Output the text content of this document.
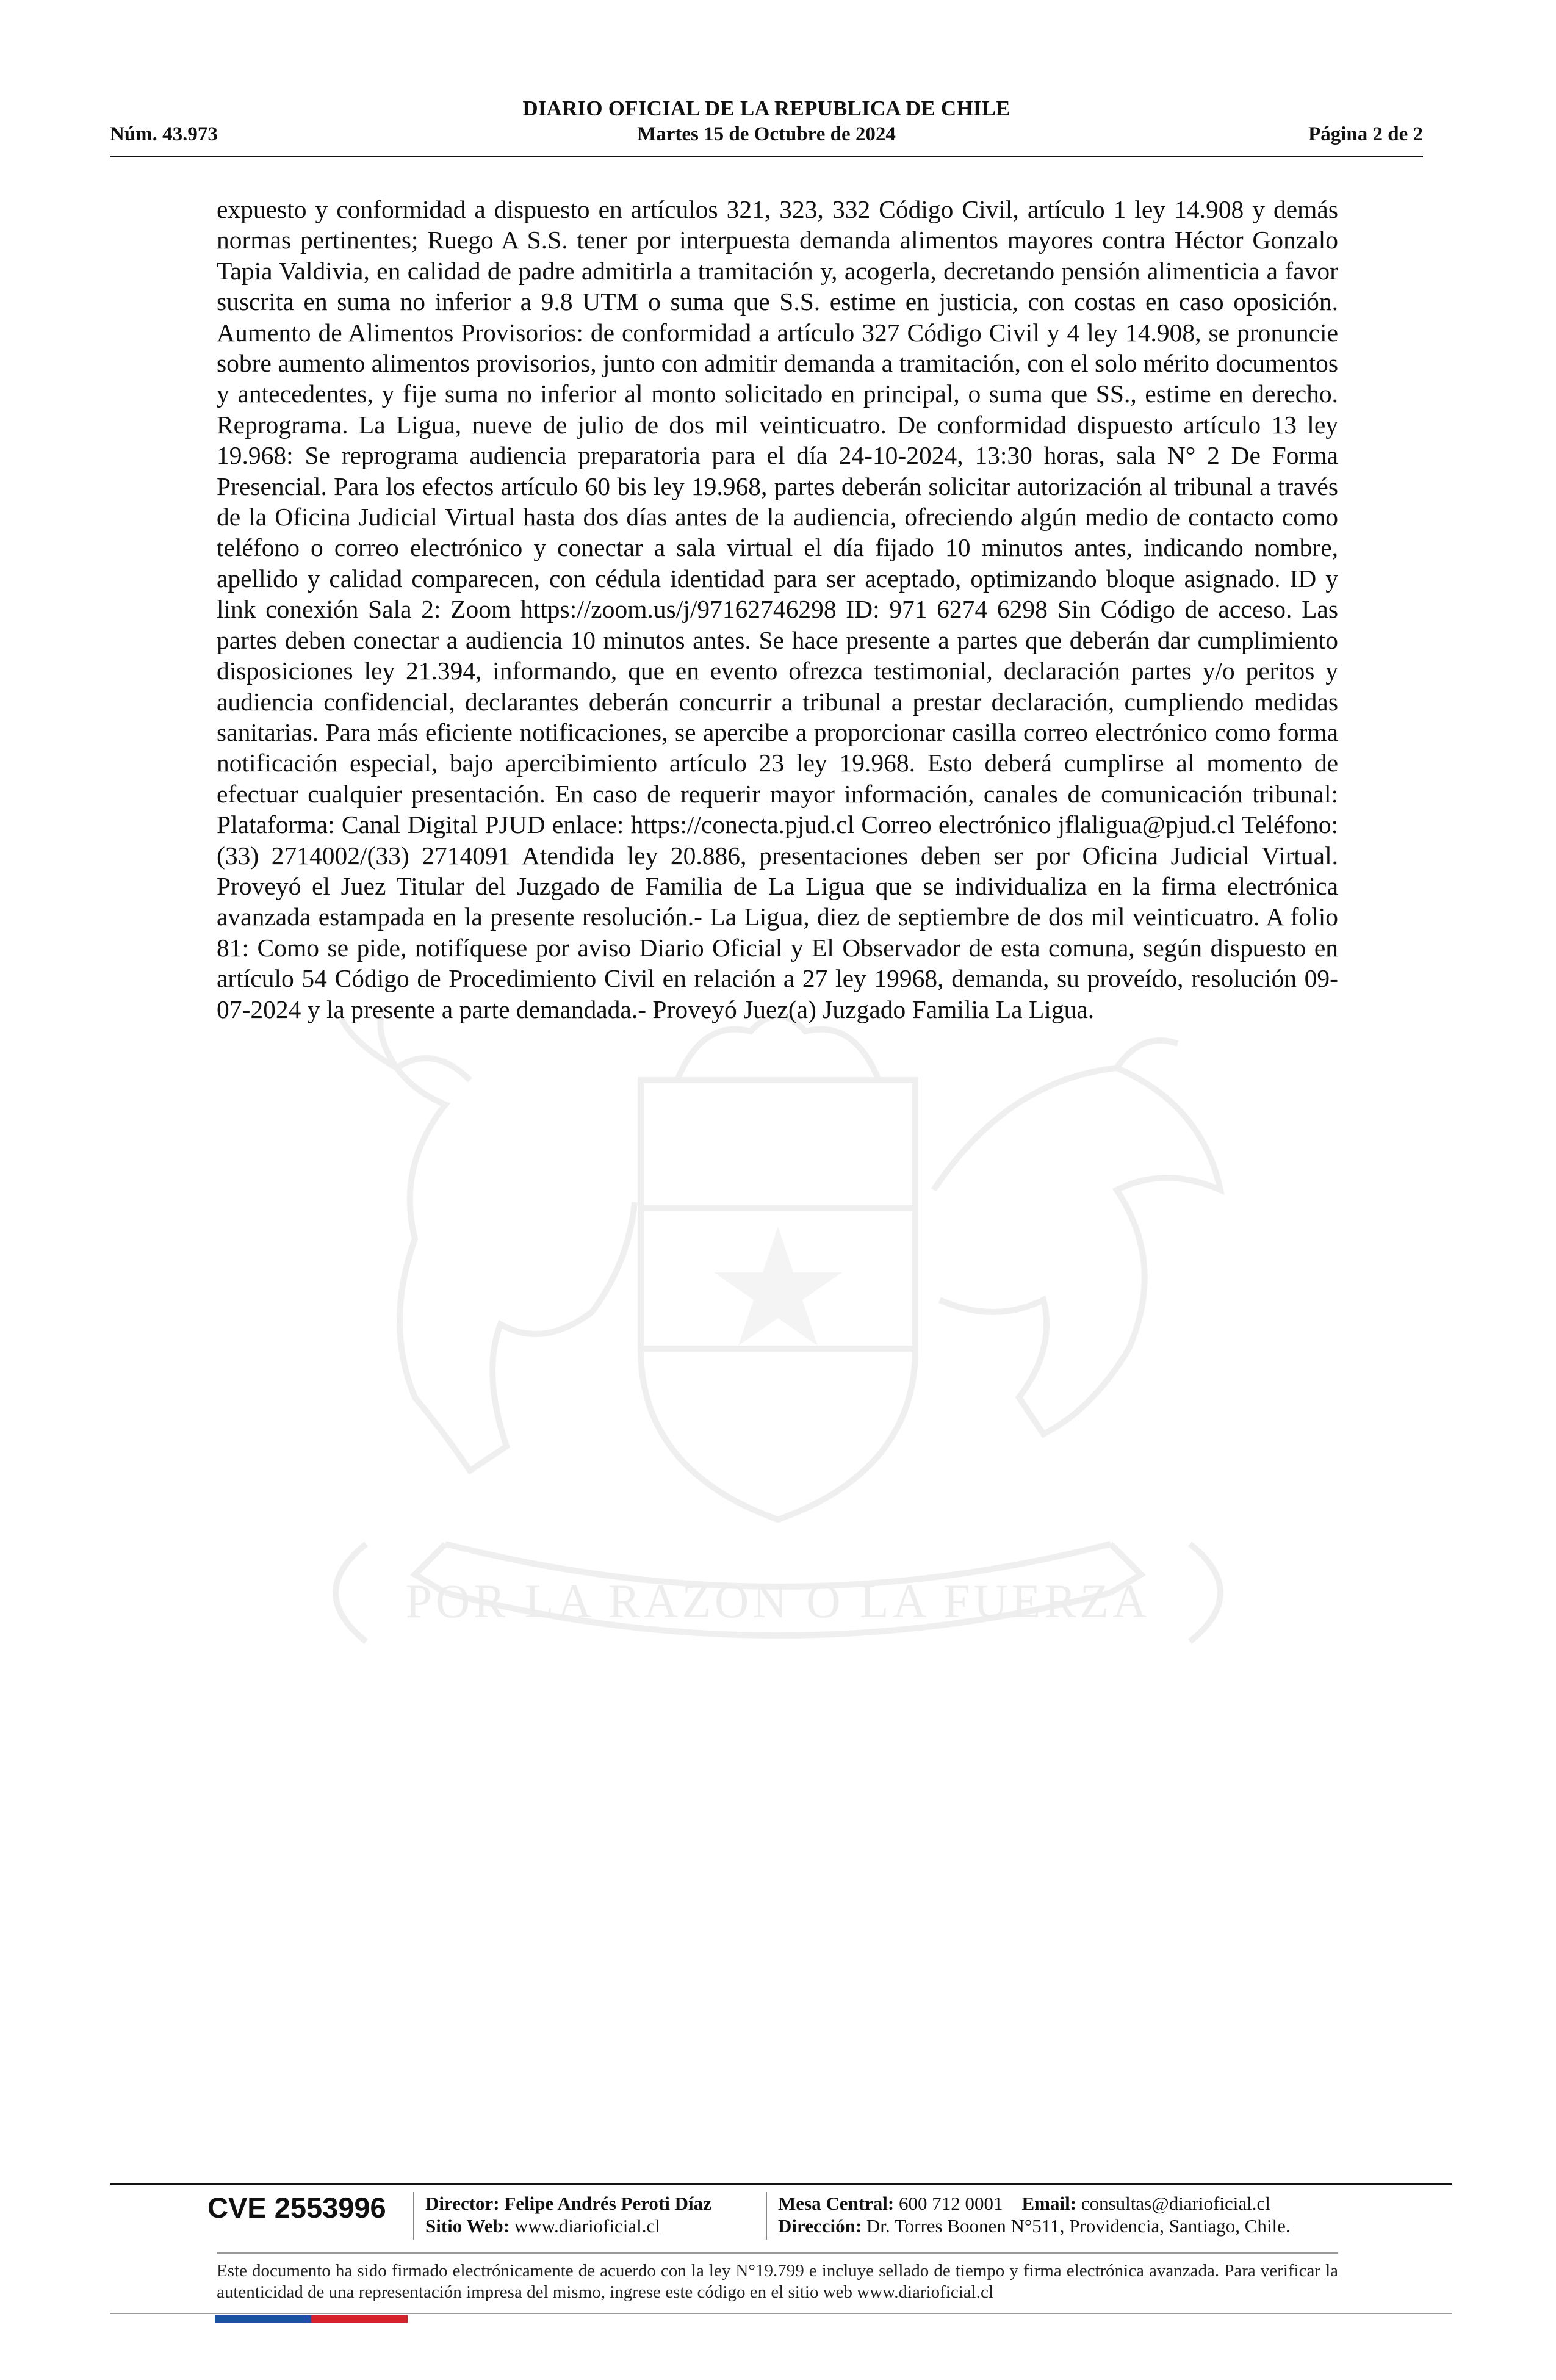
DIARIO OFICIAL DE LA REPUBLICA DE CHILE
Núm. 43.973	Martes 15 de Octubre de 2024	Página 2 de 2
POR LA RAZON O LA FUERZA
expuesto y conformidad a dispuesto en artículos 321, 323, 332 Código Civil, artículo 1 ley 14.908 y demás normas pertinentes; Ruego A S.S. tener por interpuesta demanda alimentos mayores contra Héctor Gonzalo Tapia Valdivia, en calidad de padre admitirla a tramitación y, acogerla, decretando pensión alimenticia a favor suscrita en suma no inferior a 9.8 UTM o suma que S.S. estime en justicia, con costas en caso oposición. Aumento de Alimentos Provisorios: de conformidad a artículo 327 Código Civil y 4 ley 14.908, se pronuncie sobre aumento alimentos provisorios, junto con admitir demanda a tramitación, con el solo mérito documentos y antecedentes, y fije suma no inferior al monto solicitado en principal, o suma que SS., estime en derecho. Reprograma. La Ligua, nueve de julio de dos mil veinticuatro. De conformidad dispuesto artículo 13 ley 19.968: Se reprograma audiencia preparatoria para el día 24-10-2024, 13:30 horas, sala N° 2 De Forma Presencial. Para los efectos artículo 60 bis ley 19.968, partes deberán solicitar autorización al tribunal a través de la Oficina Judicial Virtual hasta dos días antes de la audiencia, ofreciendo algún medio de contacto como teléfono o correo electrónico y conectar a sala virtual el día fijado 10 minutos antes, indicando nombre, apellido y calidad comparecen, con cédula identidad para ser aceptado, optimizando bloque asignado. ID y link conexión Sala 2: Zoom https://zoom.us/j/97162746298 ID: 971 6274 6298 Sin Código de acceso. Las partes deben conectar a audiencia 10 minutos antes. Se hace presente a partes que deberán dar cumplimiento disposiciones ley 21.394, informando, que en evento ofrezca testimonial, declaración partes y/o peritos y audiencia confidencial, declarantes deberán concurrir a tribunal a prestar declaración, cumpliendo medidas sanitarias. Para más eficiente notificaciones, se apercibe a proporcionar casilla correo electrónico como forma notificación especial, bajo apercibimiento artículo 23 ley 19.968. Esto deberá cumplirse al momento de efectuar cualquier presentación. En caso de requerir mayor información, canales de comunicación tribunal: Plataforma: Canal Digital PJUD enlace: https://conecta.pjud.cl Correo electrónico jflaligua@pjud.cl Teléfono: (33) 2714002/(33) 2714091 Atendida ley 20.886, presentaciones deben ser por Oficina Judicial Virtual. Proveyó el Juez Titular del Juzgado de Familia de La Ligua que se individualiza en la firma electrónica avanzada estampada en la presente resolución.- La Ligua, diez de septiembre de dos mil veinticuatro. A folio 81: Como se pide, notifíquese por aviso Diario Oficial y El Observador de esta comuna, según dispuesto en artículo 54 Código de Procedimiento Civil en relación a 27 ley 19968, demanda, su proveído, resolución 09-07-2024 y la presente a parte demandada.- Proveyó Juez(a) Juzgado Familia La Ligua.
CVE 2553996	Director: Felipe Andrés Peroti Díaz
Sitio Web: www.diarioficial.cl
Mesa Central: 600 712 0001 Email: consultas@diarioficial.cl
Dirección: Dr. Torres Boonen N°511, Providencia, Santiago, Chile.
Este documento ha sido firmado electrónicamente de acuerdo con la ley N°19.799 e incluye sellado de tiempo y firma electrónica avanzada. Para verificar la autenticidad de una representación impresa del mismo, ingrese este código en el sitio web www.diarioficial.cl
